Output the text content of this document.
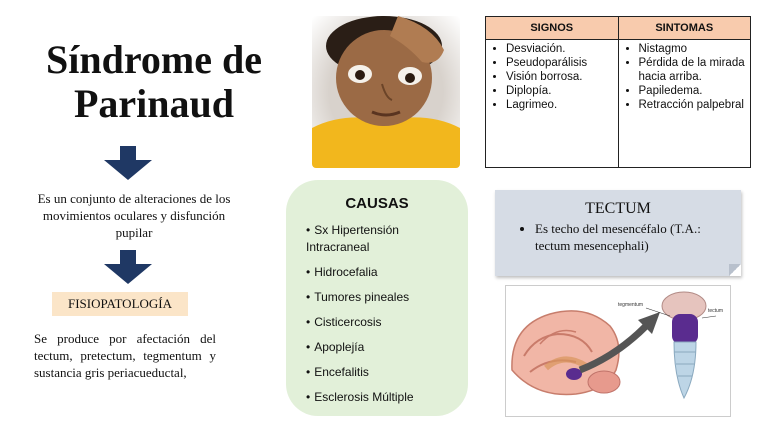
Síndrome de Parinaud
Es un conjunto de alteraciones de los movimientos oculares y disfunción pupilar
FISIOPATOLOGÍA
Se produce por afectación del tectum, pretectum, tegmentum y sustancia gris periacueductal,
SIGNOS	SINTOMAS
• Desviación.
• Pseudoparálisis
• Visión borrosa.
• Diplopía.
• Lagrimeo.
• Nistagmo
• Pérdida de la mirada hacia arriba.
• Papiledema.
• Retracción palpebral
CAUSAS
• Sx Hipertensión Intracraneal
• Hidrocefalia
• Tumores pineales
• Cisticercosis
• Apoplejía
• Encefalitis
• Esclerosis Múltiple
TECTUM
• Es techo del mesencéfalo (T.A.: tectum mesencephali)
tegmentum
tectum
